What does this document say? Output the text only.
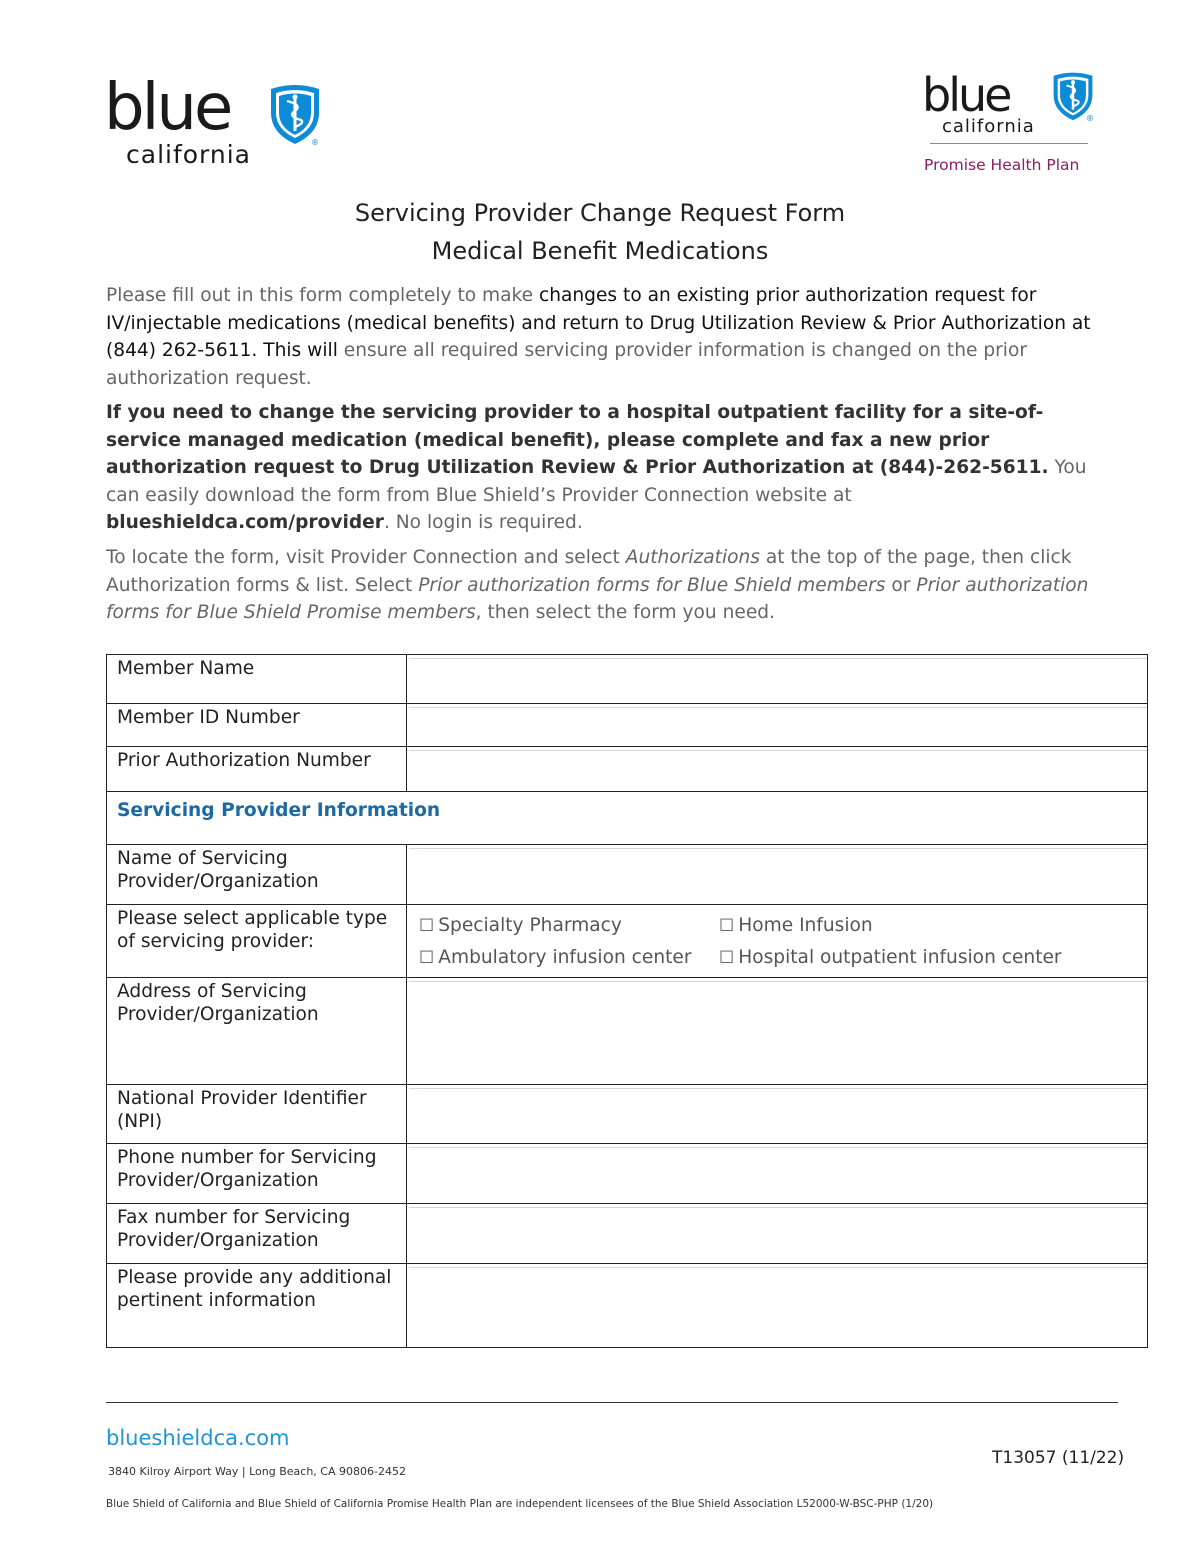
blue
california	®
blue
california	®
Promise Health Plan
Servicing Provider Change Request Form
Medical Benefit Medications
Please fill out in this form completely to make changes to an existing prior authorization request for IV/injectable medications (medical benefits) and return to Drug Utilization Review & Prior Authorization at (844) 262-5611. This will ensure all required servicing provider information is changed on the prior authorization request.
If you need to change the servicing provider to a hospital outpatient facility for a site-of-service managed medication (medical benefit), please complete and fax a new prior authorization request to Drug Utilization Review & Prior Authorization at (844)-262-5611. You can easily download the form from Blue Shield’s Provider Connection website at blueshieldca.com/provider. No login is required.
To locate the form, visit Provider Connection and select Authorizations at the top of the page, then click Authorization forms & list. Select Prior authorization forms for Blue Shield members or Prior authorization forms for Blue Shield Promise members, then select the form you need.
Member Name	

Member ID Number	

Prior Authorization Number	

Servicing Provider Information	
Name of Servicing Provider/Organization	

Please select applicable type of servicing provider:	☐ Specialty Pharmacy ☐ Home Infusion
☐ Ambulatory infusion center ☐ Hospital outpatient infusion center

Address of Servicing Provider/Organization	

National Provider Identifier (NPI)	

Phone number for Servicing Provider/Organization	

Fax number for Servicing Provider/Organization	

Please provide any additional pertinent information	
blueshieldca.com
3840 Kilroy Airport Way | Long Beach, CA 90806-2452
T13057 (11/22)
Blue Shield of California and Blue Shield of California Promise Health Plan are independent licensees of the Blue Shield Association L52000-W-BSC-PHP (1/20)
